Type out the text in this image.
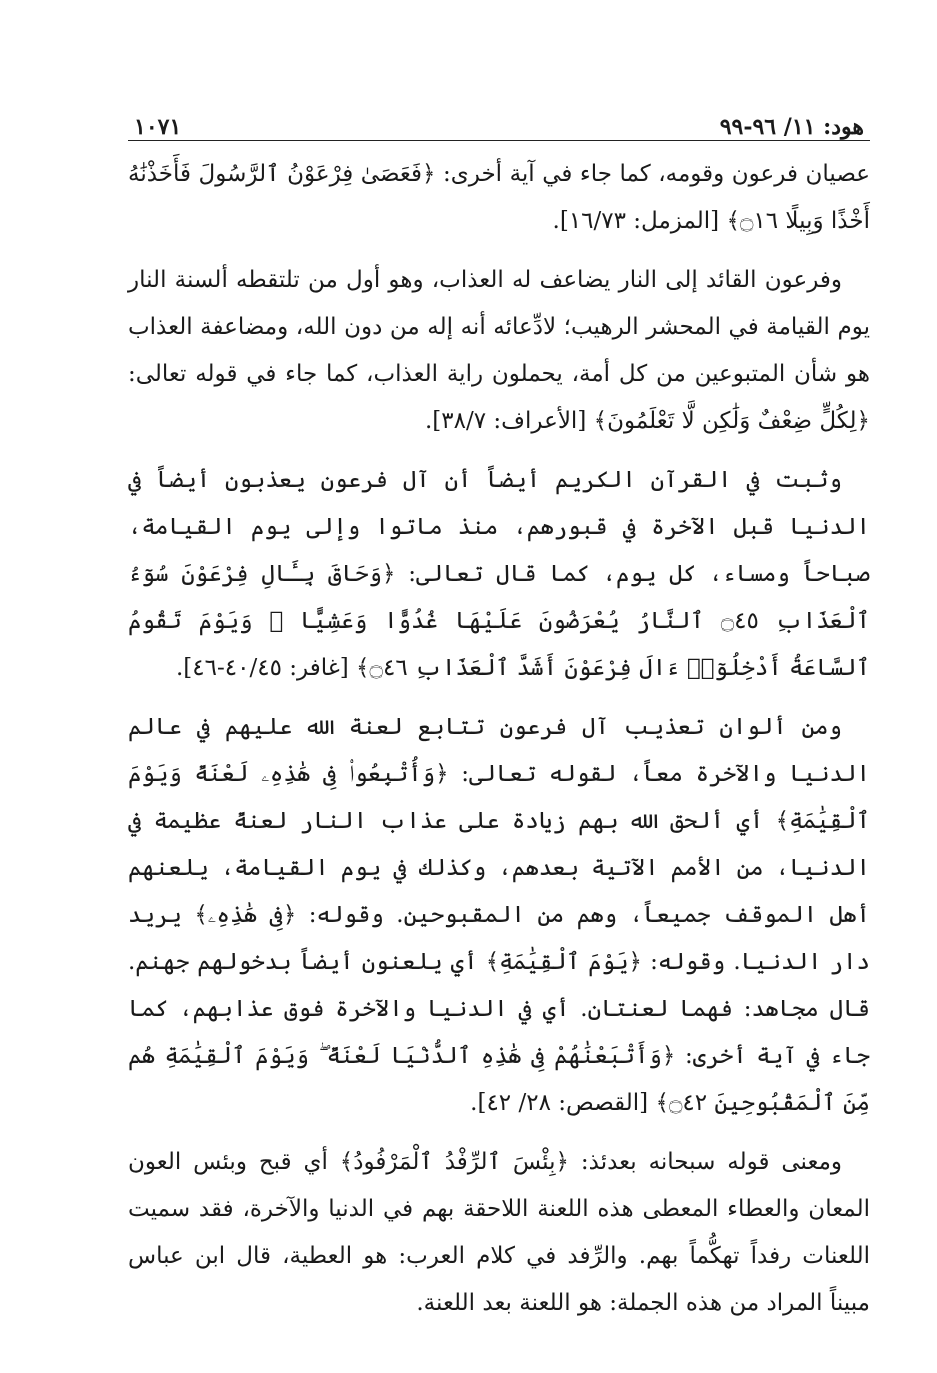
هود: ١١/ ٩٦-٩٩
١٠٧١

عصيان فرعون وقومه، كما جاء في آية أخرى: ﴿فَعَصَىٰ فِرْعَوْنُ ٱلرَّسُولَ فَأَخَذْنَٰهُ أَخْذًا وَبِيلًا ۝١٦﴾ [المزمل: ١٦/٧٣].

وفرعون القائد إلى النار يضاعف له العذاب، وهو أول من تلتقطه ألسنة النار يوم القيامة في المحشر الرهيب؛ لادِّعائه أنه إله من دون الله، ومضاعفة العذاب هو شأن المتبوعين من كل أمة، يحملون راية العذاب، كما جاء في قوله تعالى: ﴿لِكُلٍّ ضِعْفٌ وَلَٰكِن لَّا تَعْلَمُونَ﴾ [الأعراف: ٣٨/٧].

وثبت في القرآن الكريم أيضاً أن آل فرعون يعذبون أيضاً في الدنيا قبل الآخرة في قبورهم، منذ ماتوا وإلى يوم القيامة، صباحاً ومساء، كل يوم، كما قال تعالى: ﴿وَحَاقَ بِـَٔالِ فِرْعَوْنَ سُوٓءُ ٱلْعَذَابِ ۝٤٥ ٱلنَّارُ يُعْرَضُونَ عَلَيْهَا غُدُوًّا وَعَشِيًّا ۖ وَيَوْمَ تَقُومُ ٱلسَّاعَةُ أَدْخِلُوٓا۟ ءَالَ فِرْعَوْنَ أَشَدَّ ٱلْعَذَابِ ۝٤٦﴾ [غافر: ٤٠/٤٥-٤٦].

ومن ألوان تعذيب آل فرعون تتابع لعنة الله عليهم في عالم الدنيا والآخرة معاً، لقوله تعالى: ﴿وَأُتْبِعُوا۟ فِى هَٰذِهِۦ لَعْنَةً وَيَوْمَ ٱلْقِيَٰمَةِ﴾ أي ألحق الله بهم زيادة على عذاب النار لعنةً عظيمة في الدنيا، من الأمم الآتية بعدهم، وكذلك في يوم القيامة، يلعنهم أهل الموقف جميعاً، وهم من المقبوحين. وقوله: ﴿فِى هَٰذِهِۦ﴾ يريد دار الدنيا. وقوله: ﴿يَوْمَ ٱلْقِيَٰمَةِ﴾ أي يلعنون أيضاً بدخولهم جهنم. قال مجاهد: فهما لعنتان. أي في الدنيا والآخرة فوق عذابهم، كما جاء في آية أخرى: ﴿وَأَتْبَعْنَٰهُمْ فِى هَٰذِهِ ٱلدُّنْيَا لَعْنَةً ۖ وَيَوْمَ ٱلْقِيَٰمَةِ هُم مِّنَ ٱلْمَقْبُوحِينَ ۝٤٢﴾ [القصص: ٢٨/ ٤٢].

ومعنى قوله سبحانه بعدئذ: ﴿بِئْسَ ٱلرِّفْدُ ٱلْمَرْفُودُ﴾ أي قبح وبئس العون المعان والعطاء المعطى هذه اللعنة اللاحقة بهم في الدنيا والآخرة، فقد سميت اللعنات رفداً تهكُّماً بهم. والرِّفد في كلام العرب: هو العطية، قال ابن عباس مبيناً المراد من هذه الجملة: هو اللعنة بعد اللعنة.
